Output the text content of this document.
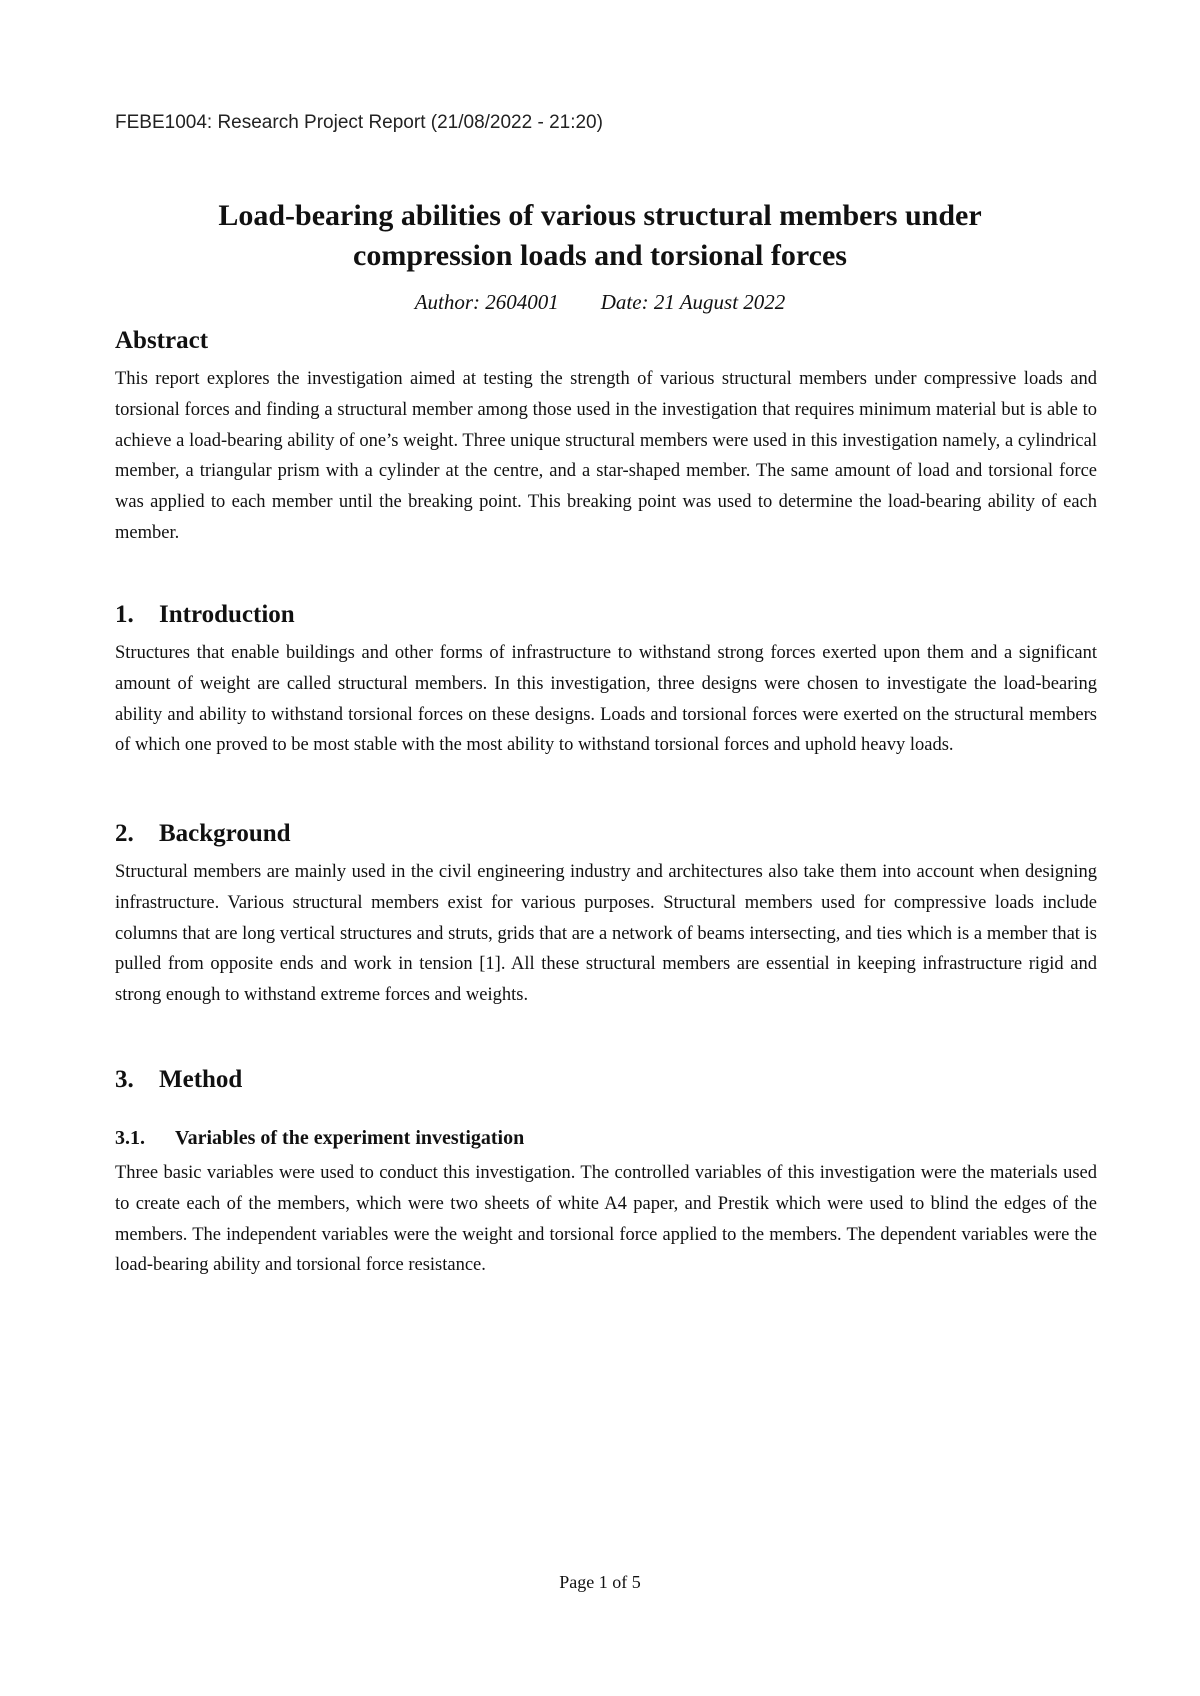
FEBE1004: Research Project Report (21/08/2022 - 21:20)
Load-bearing abilities of various structural members under
compression loads and torsional forces
Author: 2604001 Date: 21 August 2022
Abstract

This report explores the investigation aimed at testing the strength of various structural members under compressive loads and torsional forces and finding a structural member among those used in the investigation that requires minimum material but is able to achieve a load-bearing ability of one’s weight. Three unique structural members were used in this investigation namely, a cylindrical member, a triangular prism with a cylinder at the centre, and a star-shaped member. The same amount of load and torsional force was applied to each member until the breaking point. This breaking point was used to determine the load-bearing ability of each member.

1. Introduction

Structures that enable buildings and other forms of infrastructure to withstand strong forces exerted upon them and a significant amount of weight are called structural members. In this investigation, three designs were chosen to investigate the load-bearing ability and ability to withstand torsional forces on these designs. Loads and torsional forces were exerted on the structural members of which one proved to be most stable with the most ability to withstand torsional forces and uphold heavy loads.

2. Background

Structural members are mainly used in the civil engineering industry and architectures also take them into account when designing infrastructure. Various structural members exist for various purposes. Structural members used for compressive loads include columns that are long vertical structures and struts, grids that are a network of beams intersecting, and ties which is a member that is pulled from opposite ends and work in tension [1]. All these structural members are essential in keeping infrastructure rigid and strong enough to withstand extreme forces and weights.

3. Method
3.1. Variables of the experiment investigation

Three basic variables were used to conduct this investigation. The controlled variables of this investigation were the materials used to create each of the members, which were two sheets of white A4 paper, and Prestik which were used to blind the edges of the members. The independent variables were the weight and torsional force applied to the members. The dependent variables were the load-bearing ability and torsional force resistance.

Page 1 of 5
